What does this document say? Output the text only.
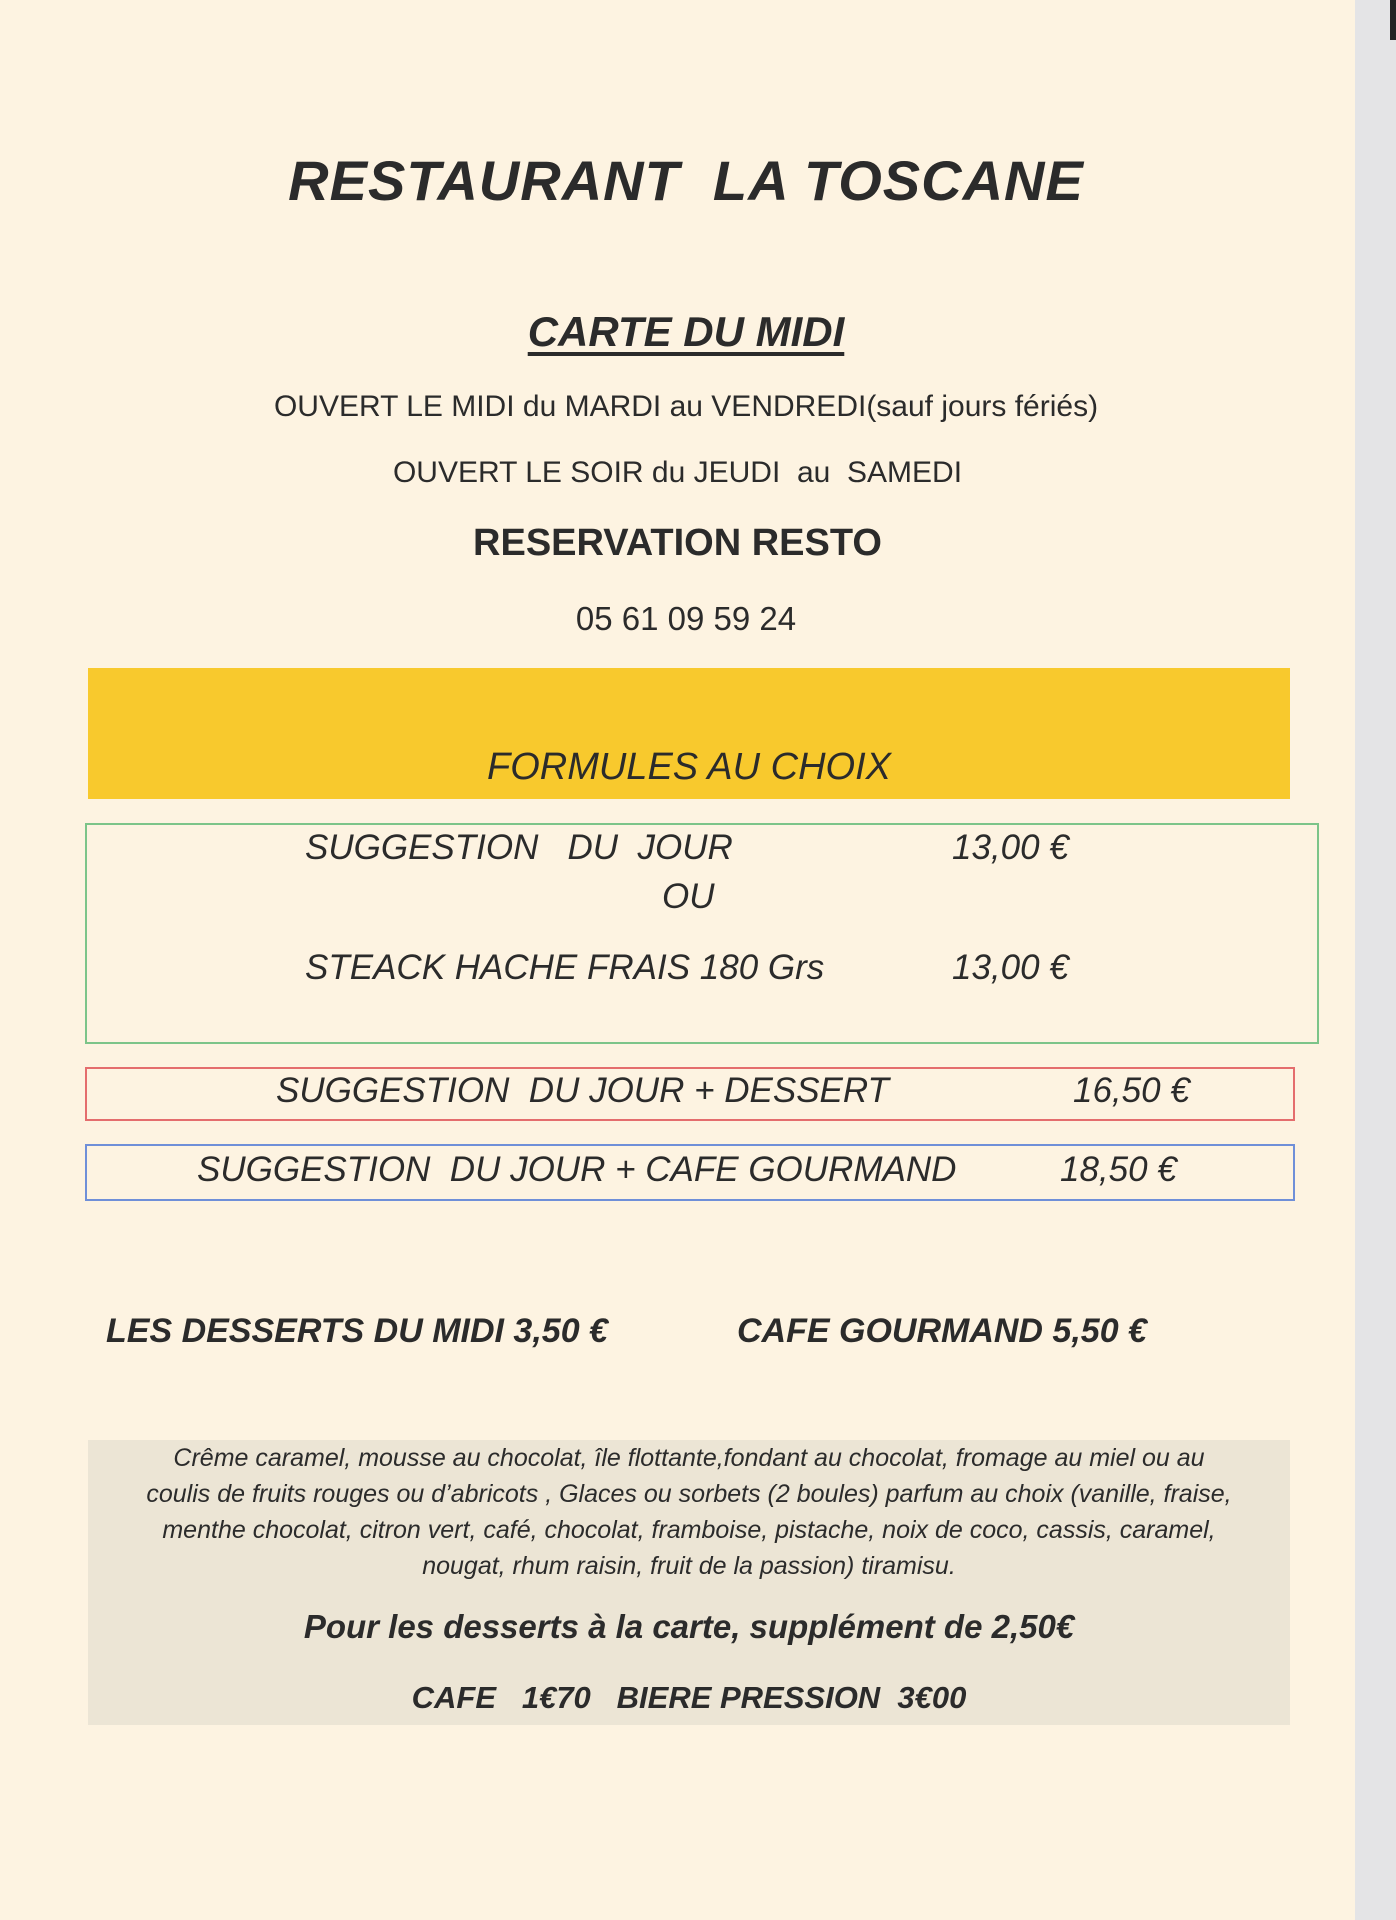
RESTAURANT  LA TOSCANE
CARTE DU MIDI
OUVERT LE MIDI du MARDI au VENDREDI(sauf jours fériés)
OUVERT LE SOIR du JEUDI  au  SAMEDI
RESERVATION RESTO
05 61 09 59 24
FORMULES AU CHOIX
SUGGESTION   DU  JOUR	13,00 €
OU
STEACK HACHE FRAIS 180 Grs	13,00 €
SUGGESTION  DU JOUR + DESSERT	16,50 €
SUGGESTION  DU JOUR + CAFE GOURMAND	18,50 €
LES DESSERTS DU MIDI 3,50 €	CAFE GOURMAND 5,50 €
Crême caramel, mousse au chocolat, île flottante,fondant au chocolat, fromage au miel ou au
coulis de fruits rouges ou d’abricots , Glaces ou sorbets (2 boules) parfum au choix (vanille, fraise,
menthe chocolat, citron vert, café, chocolat, framboise, pistache, noix de coco, cassis, caramel,
nougat, rhum raisin, fruit de la passion) tiramisu.
Pour les desserts à la carte, supplément de 2,50€
CAFE   1€70   BIERE PRESSION  3€00
